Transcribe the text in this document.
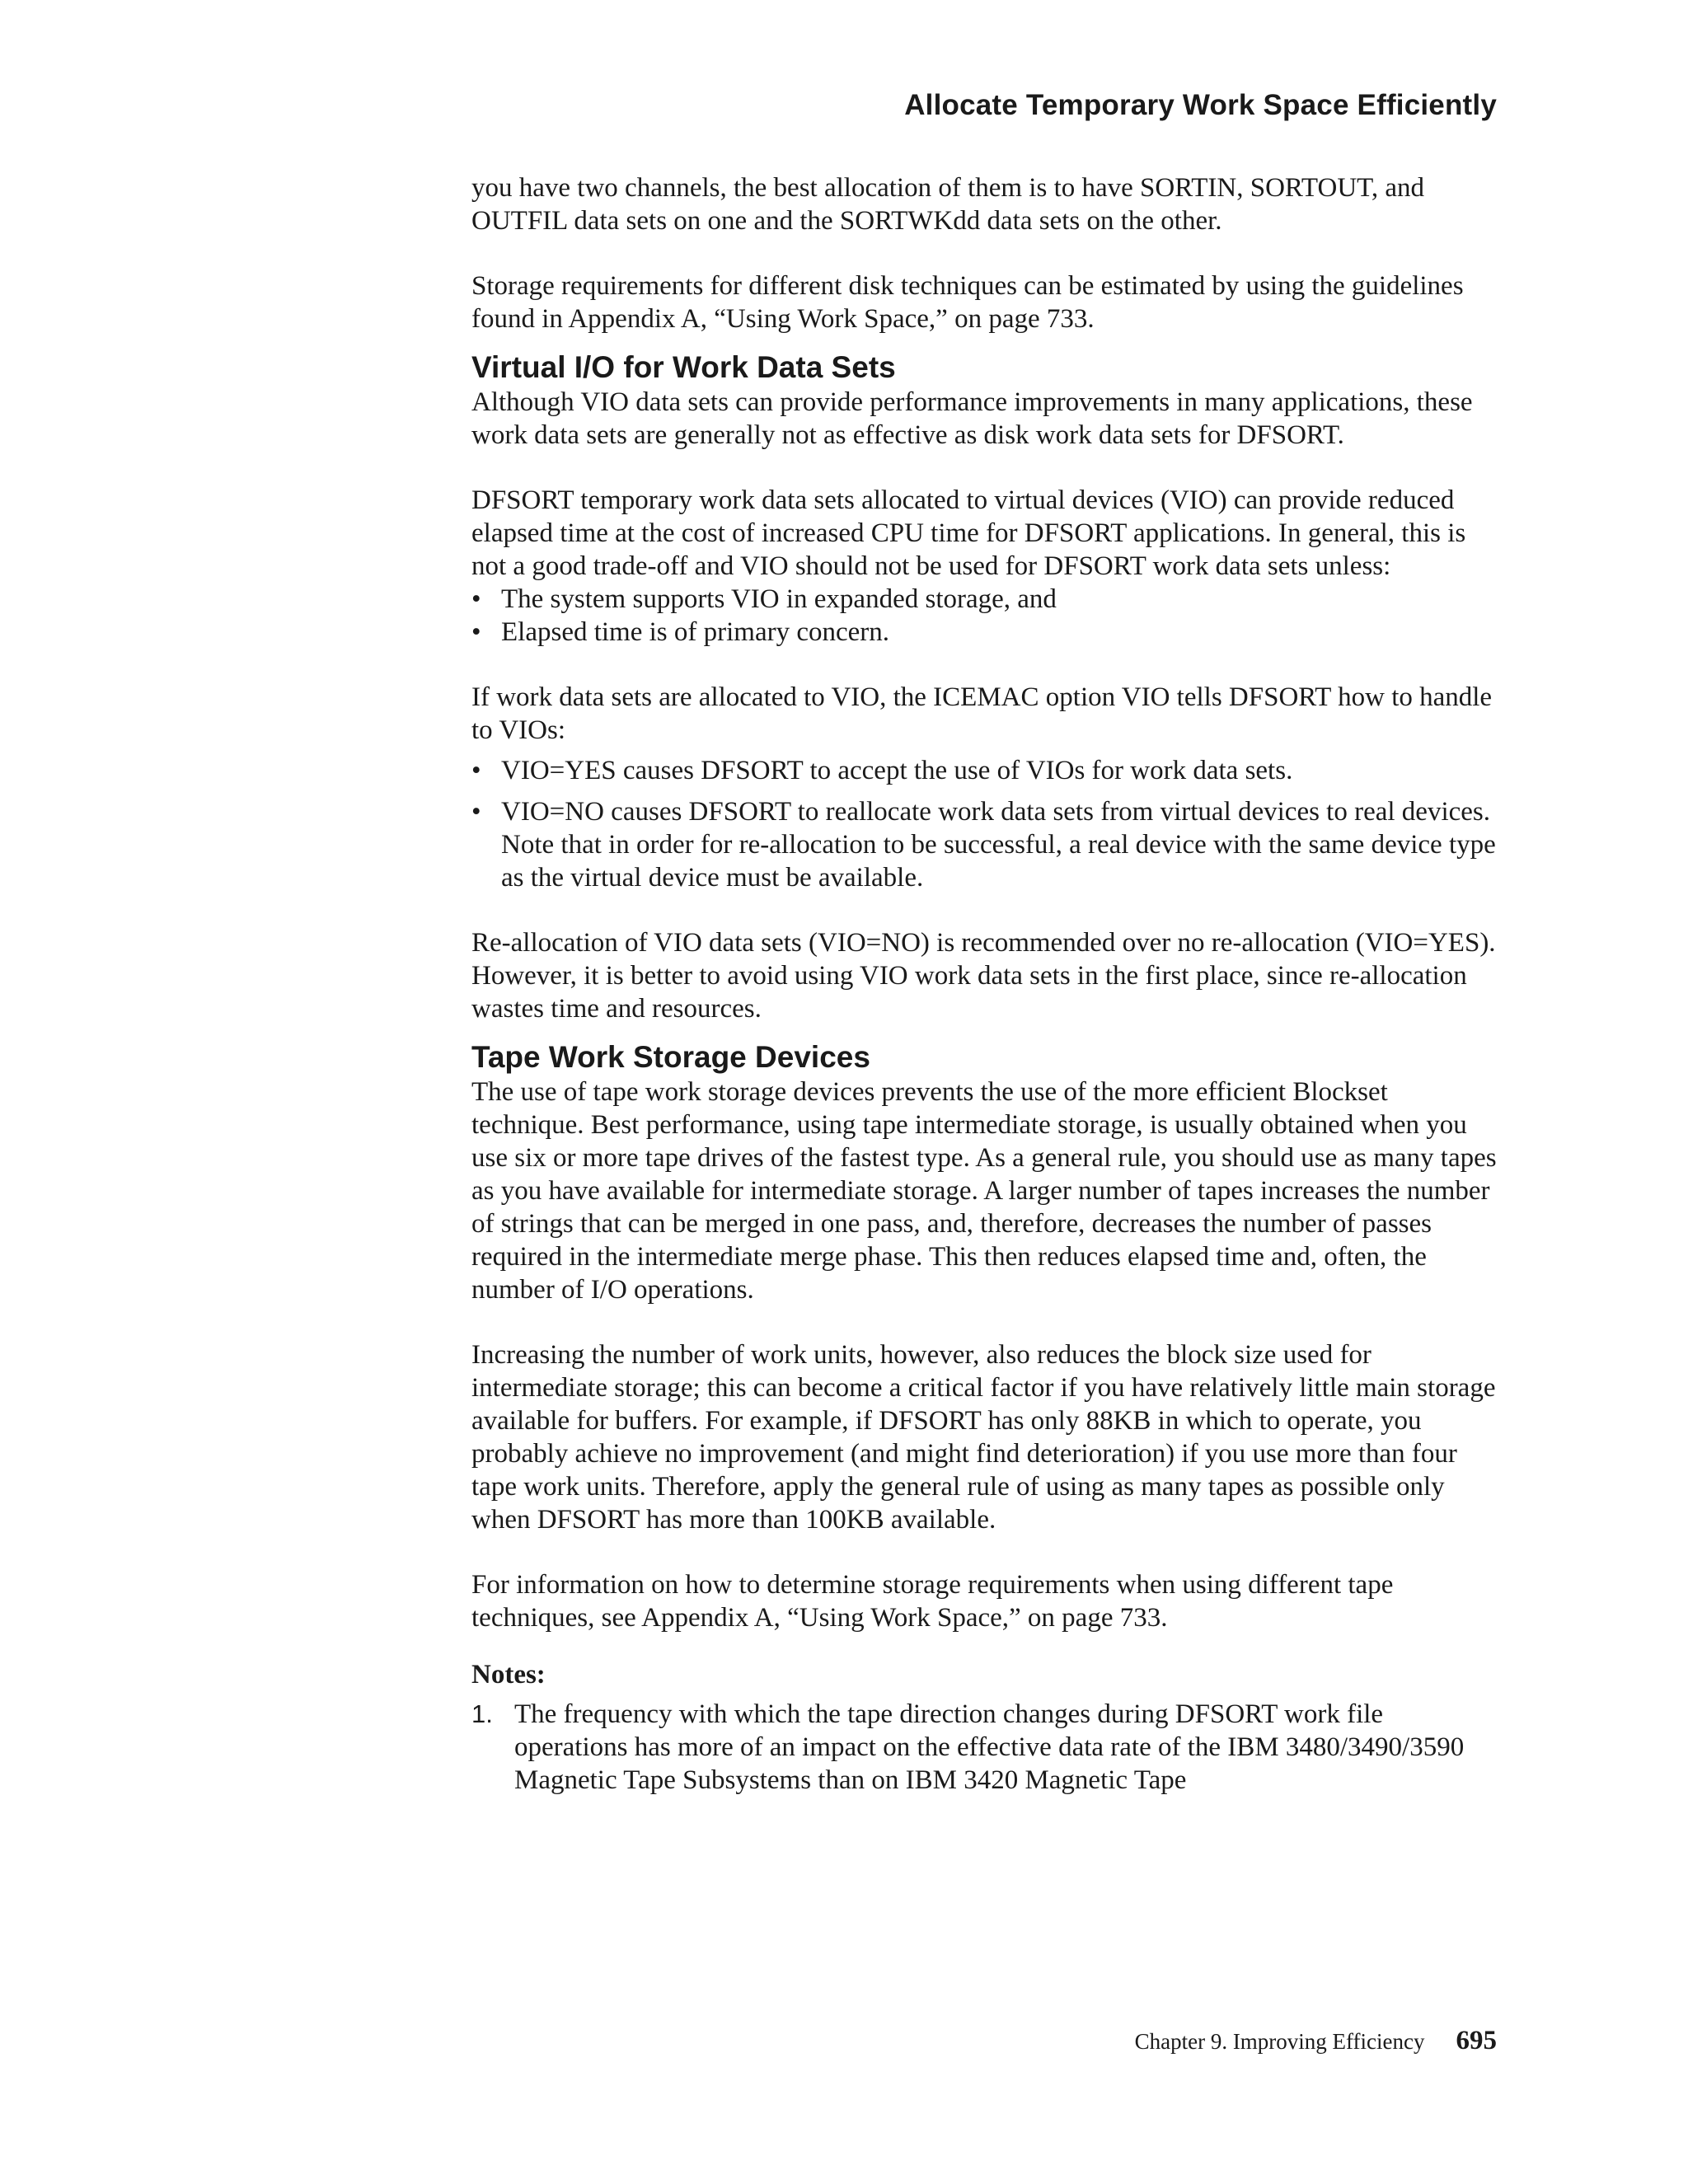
Allocate Temporary Work Space Efficiently

you have two channels, the best allocation of them is to have SORTIN, SORTOUT, and OUTFIL data sets on one and the SORTWKdd data sets on the other.

Storage requirements for different disk techniques can be estimated by using the guidelines found in Appendix A, “Using Work Space,” on page 733.

Virtual I/O for Work Data Sets

Although VIO data sets can provide performance improvements in many applications, these work data sets are generally not as effective as disk work data sets for DFSORT.

DFSORT temporary work data sets allocated to virtual devices (VIO) can provide reduced elapsed time at the cost of increased CPU time for DFSORT applications. In general, this is not a good trade-off and VIO should not be used for DFSORT work data sets unless:

• The system supports VIO in expanded storage, and
• Elapsed time is of primary concern.

If work data sets are allocated to VIO, the ICEMAC option VIO tells DFSORT how to handle to VIOs:

• VIO=YES causes DFSORT to accept the use of VIOs for work data sets.
• VIO=NO causes DFSORT to reallocate work data sets from virtual devices to real devices. Note that in order for re-allocation to be successful, a real device with the same device type as the virtual device must be available.

Re-allocation of VIO data sets (VIO=NO) is recommended over no re-allocation (VIO=YES). However, it is better to avoid using VIO work data sets in the first place, since re-allocation wastes time and resources.

Tape Work Storage Devices

The use of tape work storage devices prevents the use of the more efficient Blockset technique. Best performance, using tape intermediate storage, is usually obtained when you use six or more tape drives of the fastest type. As a general rule, you should use as many tapes as you have available for intermediate storage. A larger number of tapes increases the number of strings that can be merged in one pass, and, therefore, decreases the number of passes required in the intermediate merge phase. This then reduces elapsed time and, often, the number of I/O operations.

Increasing the number of work units, however, also reduces the block size used for intermediate storage; this can become a critical factor if you have relatively little main storage available for buffers. For example, if DFSORT has only 88KB in which to operate, you probably achieve no improvement (and might find deterioration) if you use more than four tape work units. Therefore, apply the general rule of using as many tapes as possible only when DFSORT has more than 100KB available.

For information on how to determine storage requirements when using different tape techniques, see Appendix A, “Using Work Space,” on page 733.

Notes:
1. The frequency with which the tape direction changes during DFSORT work file operations has more of an impact on the effective data rate of the IBM 3480/3490/3590 Magnetic Tape Subsystems than on IBM 3420 Magnetic Tape
Chapter 9. Improving Efficiency 695
